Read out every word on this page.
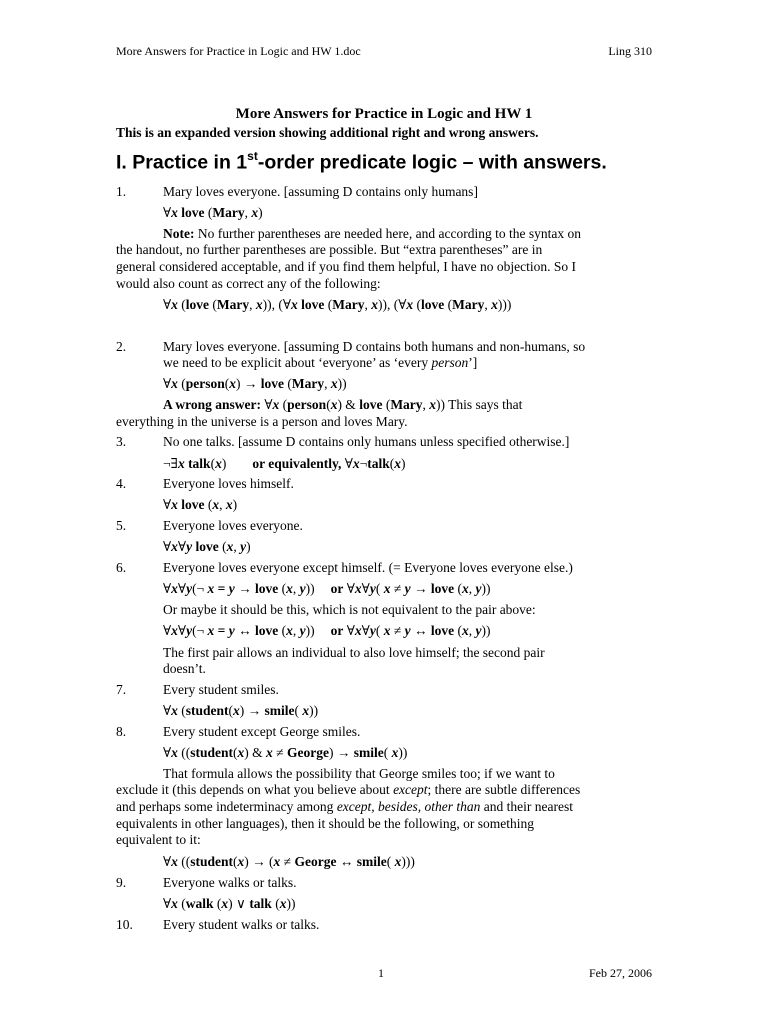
More Answers for Practice in Logic and HW 1.doc	Ling 310
More Answers for Practice in Logic and HW 1
This is an expanded version showing additional right and wrong answers.
I. Practice in 1st-order predicate logic – with answers.
1.	Mary loves everyone. [assuming D contains only humans]
∀x love (Mary, x)
Note: No further parentheses are needed here, and according to the syntax on
the handout, no further parentheses are possible. But “extra parentheses” are in
general considered acceptable, and if you find them helpful, I have no objection. So I
would also count as correct any of the following:
∀x (love (Mary, x)), (∀x love (Mary, x)), (∀x (love (Mary, x)))
2.	Mary loves everyone. [assuming D contains both humans and non-humans, so
we need to be explicit about ‘everyone’ as ‘every person’]
∀x (person(x) → love (Mary, x))
A wrong answer: ∀x (person(x) & love (Mary, x)) This says that
everything in the universe is a person and loves Mary.
3.	No one talks. [assume D contains only humans unless specified otherwise.]
¬∃x talk(x) or equivalently, ∀x¬talk(x)
4.	Everyone loves himself.
∀x love (x, x)
5.	Everyone loves everyone.
∀x∀y love (x, y)
6.	Everyone loves everyone except himself. (= Everyone loves everyone else.)
∀x∀y(¬ x = y → love (x, y)) or ∀x∀y( x ≠ y → love (x, y))
Or maybe it should be this, which is not equivalent to the pair above:
∀x∀y(¬ x = y ↔ love (x, y)) or ∀x∀y( x ≠ y ↔ love (x, y))
The first pair allows an individual to also love himself; the second pair
doesn’t.
7.	Every student smiles.
∀x (student(x) → smile( x))
8.	Every student except George smiles.
∀x ((student(x) & x ≠ George) → smile( x))
That formula allows the possibility that George smiles too; if we want to
exclude it (this depends on what you believe about except; there are subtle differences
and perhaps some indeterminacy among except, besides, other than and their nearest
equivalents in other languages), then it should be the following, or something
equivalent to it:
∀x ((student(x) → (x ≠ George ↔ smile( x)))
9.	Everyone walks or talks.
∀x (walk (x) ∨ talk (x))
10. Every student walks or talks.
1	Feb 27, 2006
